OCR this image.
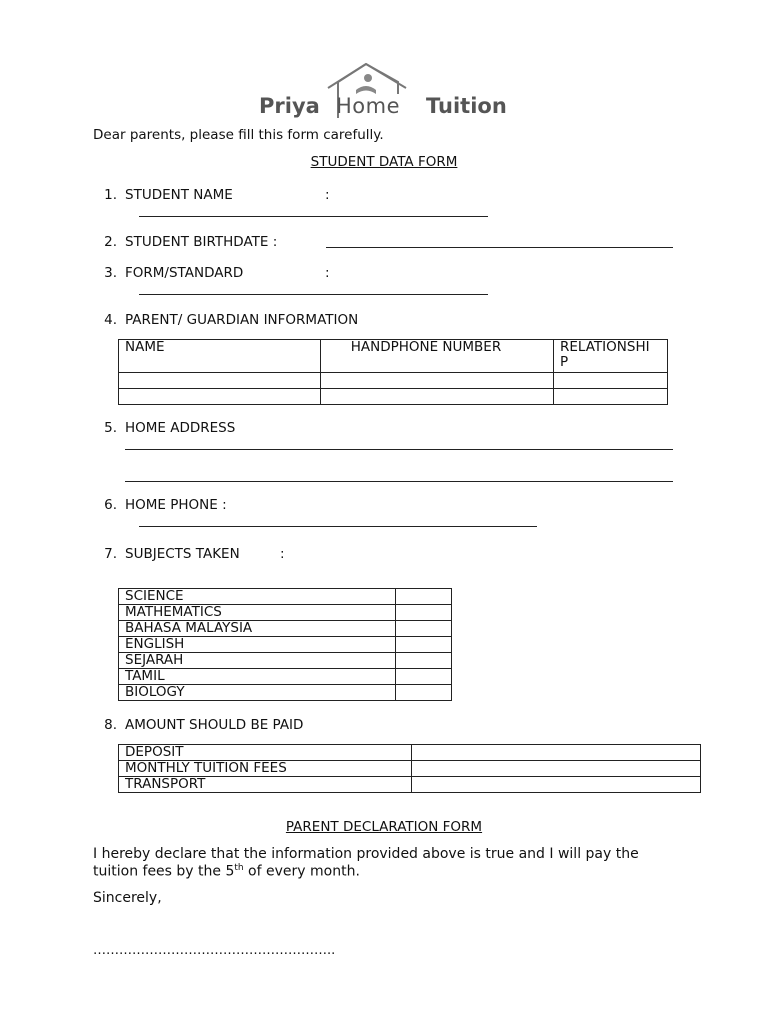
Priya Home Tuition
Dear parents, please fill this form carefully.
STUDENT DATA FORM
1. STUDENT NAME	:
2. STUDENT BIRTHDATE :
3. FORM/STANDARD	:
4. PARENT/ GUARDIAN INFORMATION
NAME	HANDPHONE NUMBER	RELATIONSHI
P

5. HOME ADDRESS
6. HOME PHONE :
7. SUBJECTS TAKEN	:
SCIENCE	
MATHEMATICS	
BAHASA MALAYSIA	
ENGLISH	
SEJARAH	
TAMIL	
BIOLOGY	
8. AMOUNT SHOULD BE PAID
DEPOSIT	
MONTHLY TUITION FEES	
TRANSPORT	
PARENT DECLARATION FORM
I hereby declare that the information provided above is true and I will pay the
tuition fees by the 5th of every month.
Sincerely,
………………………………………………..
